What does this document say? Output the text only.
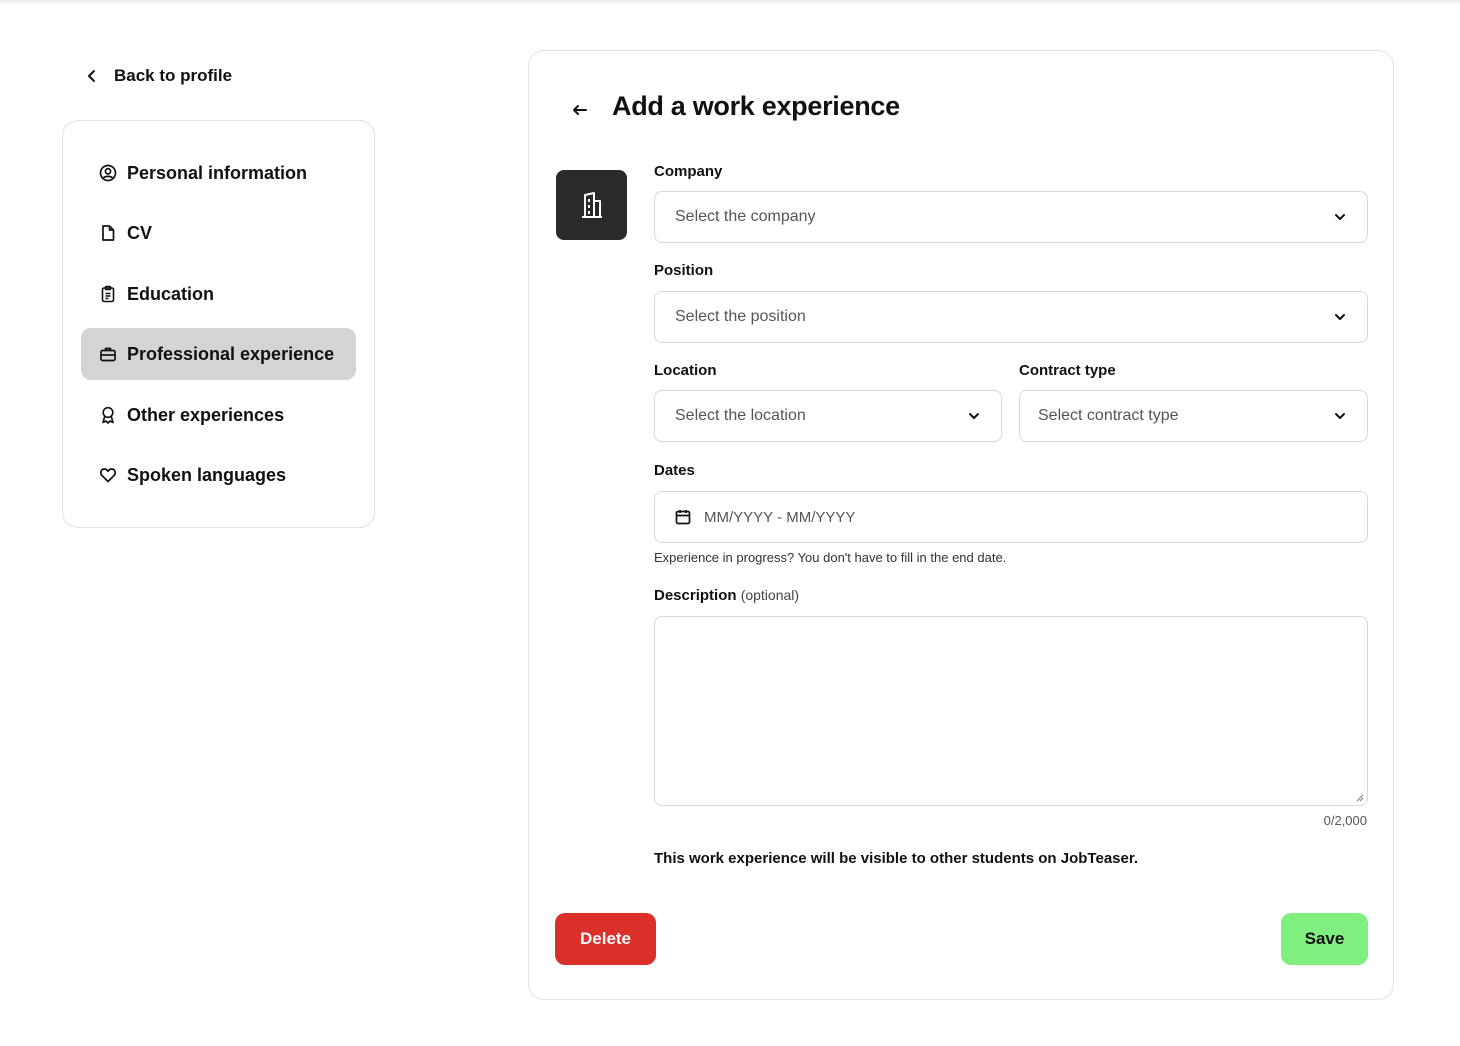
Back to profile
Personal information
CV
Education
Professional experience
Other experiences
Spoken languages
Add a work experience
Company
Select the company
Position
Select the position
Location
Select the location
Contract type
Select contract type
Dates
MM/YYYY - MM/YYYY

Experience in progress? You don't have to fill in the end date.

Description (optional)
0/2,000

This work experience will be visible to other students on JobTeaser.

Delete	Save
